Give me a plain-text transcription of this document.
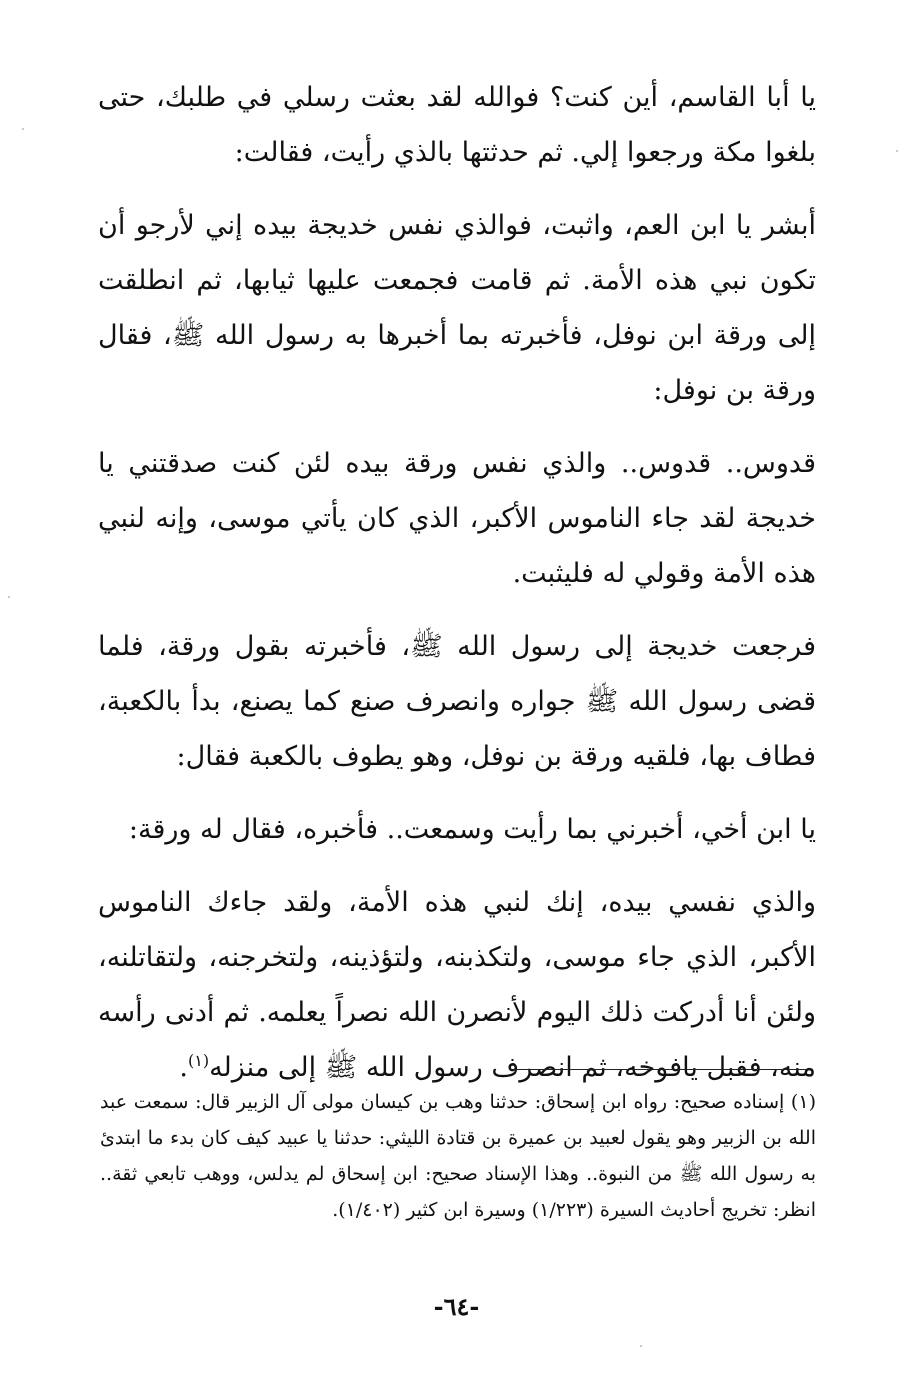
يا أبا القاسم، أين كنت؟ فوالله لقد بعثت رسلي في طلبك، حتى بلغوا مكة ورجعوا إلي. ثم حدثتها بالذي رأيت، فقالت:

أبشر يا ابن العم، واثبت، فوالذي نفس خديجة بيده إني لأرجو أن تكون نبي هذه الأمة. ثم قامت فجمعت عليها ثيابها، ثم انطلقت إلى ورقة ابن نوفل، فأخبرته بما أخبرها به رسول الله ﷺ، فقال ورقة بن نوفل:

قدوس.. قدوس.. والذي نفس ورقة بيده لئن كنت صدقتني يا خديجة لقد جاء الناموس الأكبر، الذي كان يأتي موسى، وإنه لنبي هذه الأمة وقولي له فليثبت.

فرجعت خديجة إلى رسول الله ﷺ، فأخبرته بقول ورقة، فلما قضى رسول الله ﷺ جواره وانصرف صنع كما يصنع، بدأ بالكعبة، فطاف بها، فلقيه ورقة بن نوفل، وهو يطوف بالكعبة فقال:

يا ابن أخي، أخبرني بما رأيت وسمعت.. فأخبره، فقال له ورقة:

والذي نفسي بيده، إنك لنبي هذه الأمة، ولقد جاءك الناموس الأكبر، الذي جاء موسى، ولتكذبنه، ولتؤذينه، ولتخرجنه، ولتقاتلنه، ولئن أنا أدركت ذلك اليوم لأنصرن الله نصراً يعلمه. ثم أدنى رأسه منه، فقبل يافوخه، ثم انصرف رسول الله ﷺ إلى منزله$^{(١)}$.

(١) إسناده صحيح: رواه ابن إسحاق: حدثنا وهب بن كيسان مولى آل الزبير قال: سمعت عبد الله بن الزبير وهو يقول لعبيد بن عميرة بن قتادة الليثي: حدثنا يا عبيد كيف كان بدء ما ابتدئ به رسول الله ﷺ من النبوة.. وهذا الإسناد صحيح: ابن إسحاق لم يدلس، ووهب تابعي ثقة.. انظر: تخريج أحاديث السيرة (١/٢٢٣) وسيرة ابن كثير (١/٤٠٢).

-٦٤-
